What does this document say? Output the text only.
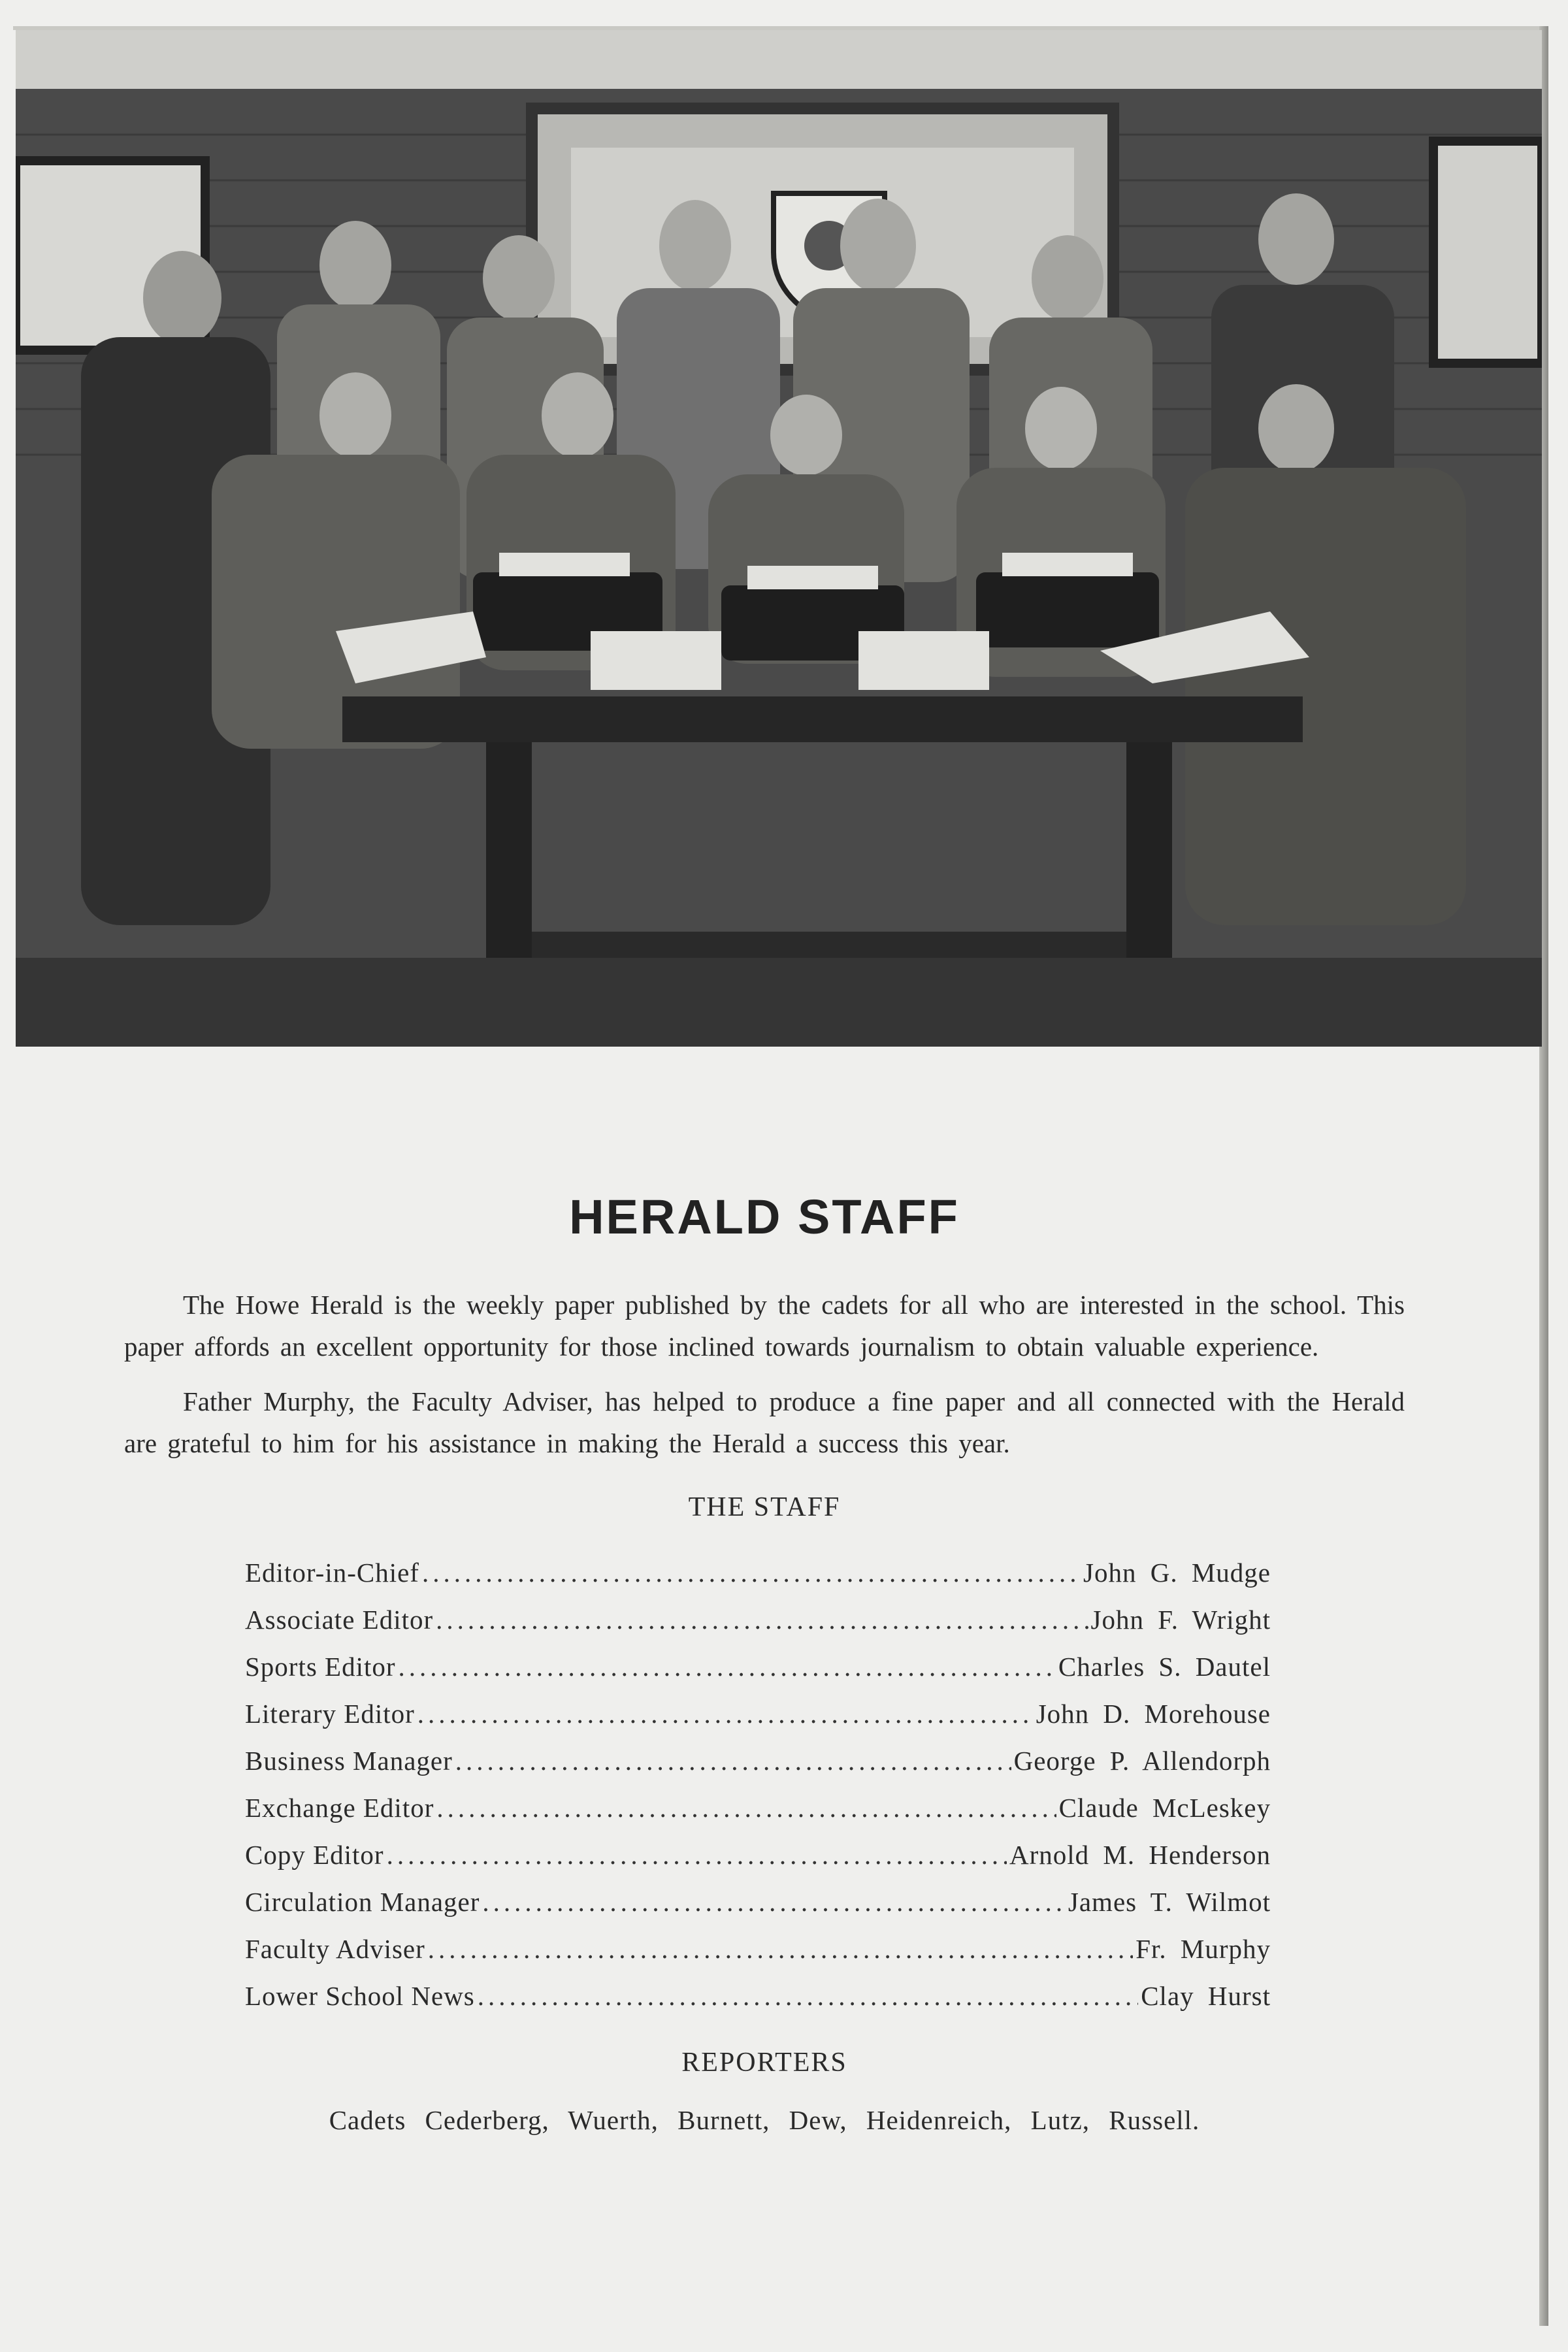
HERALD STAFF

The Howe Herald is the weekly paper published by the cadets for all who are interested in the school. This paper affords an excellent opportunity for those inclined towards journalism to obtain valuable experience.

Father Murphy, the Faculty Adviser, has helped to produce a fine paper and all connected with the Herald are grateful to him for his assistance in making the Herald a success this year.

THE STAFF
Editor-in-Chief .....	John G. Mudge
Associate Editor .....	John F. Wright
Sports Editor .....	Charles S. Dautel
Literary Editor .....	John D. Morehouse
Business Manager .....	George P. Allendorph
Exchange Editor .....	Claude McLeskey
Copy Editor .....	Arnold M. Henderson
Circulation Manager .....	James T. Wilmot
Faculty Adviser .....	Fr. Murphy
Lower School News .....	Clay Hurst
REPORTERS
Cadets Cederberg, Wuerth, Burnett, Dew, Heidenreich, Lutz, Russell.
